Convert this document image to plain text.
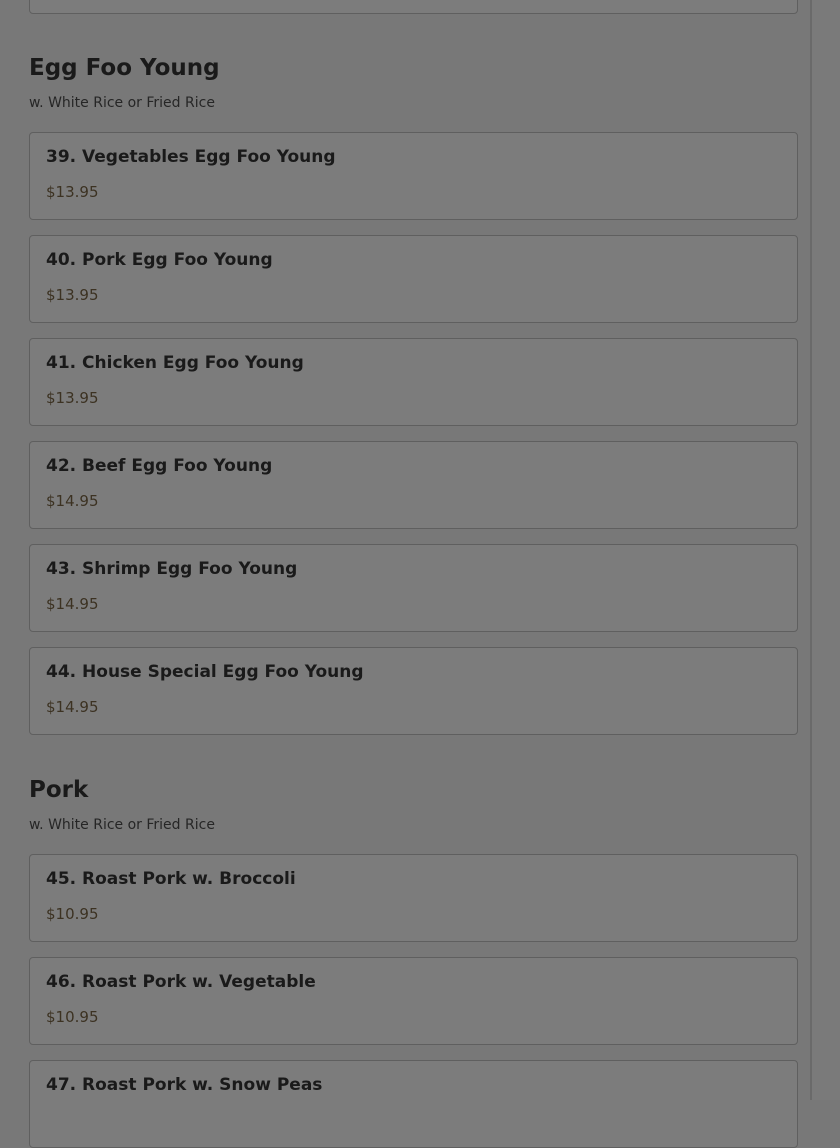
Egg Foo Young
w. White Rice or Fried Rice
39. Vegetables Egg Foo Young
$13.95
40. Pork Egg Foo Young
$13.95
41. Chicken Egg Foo Young
$13.95
42. Beef Egg Foo Young
$14.95
43. Shrimp Egg Foo Young
$14.95
44. House Special Egg Foo Young
$14.95
Pork
w. White Rice or Fried Rice
45. Roast Pork w. Broccoli
$10.95
46. Roast Pork w. Vegetable
$10.95
47. Roast Pork w. Snow Peas
